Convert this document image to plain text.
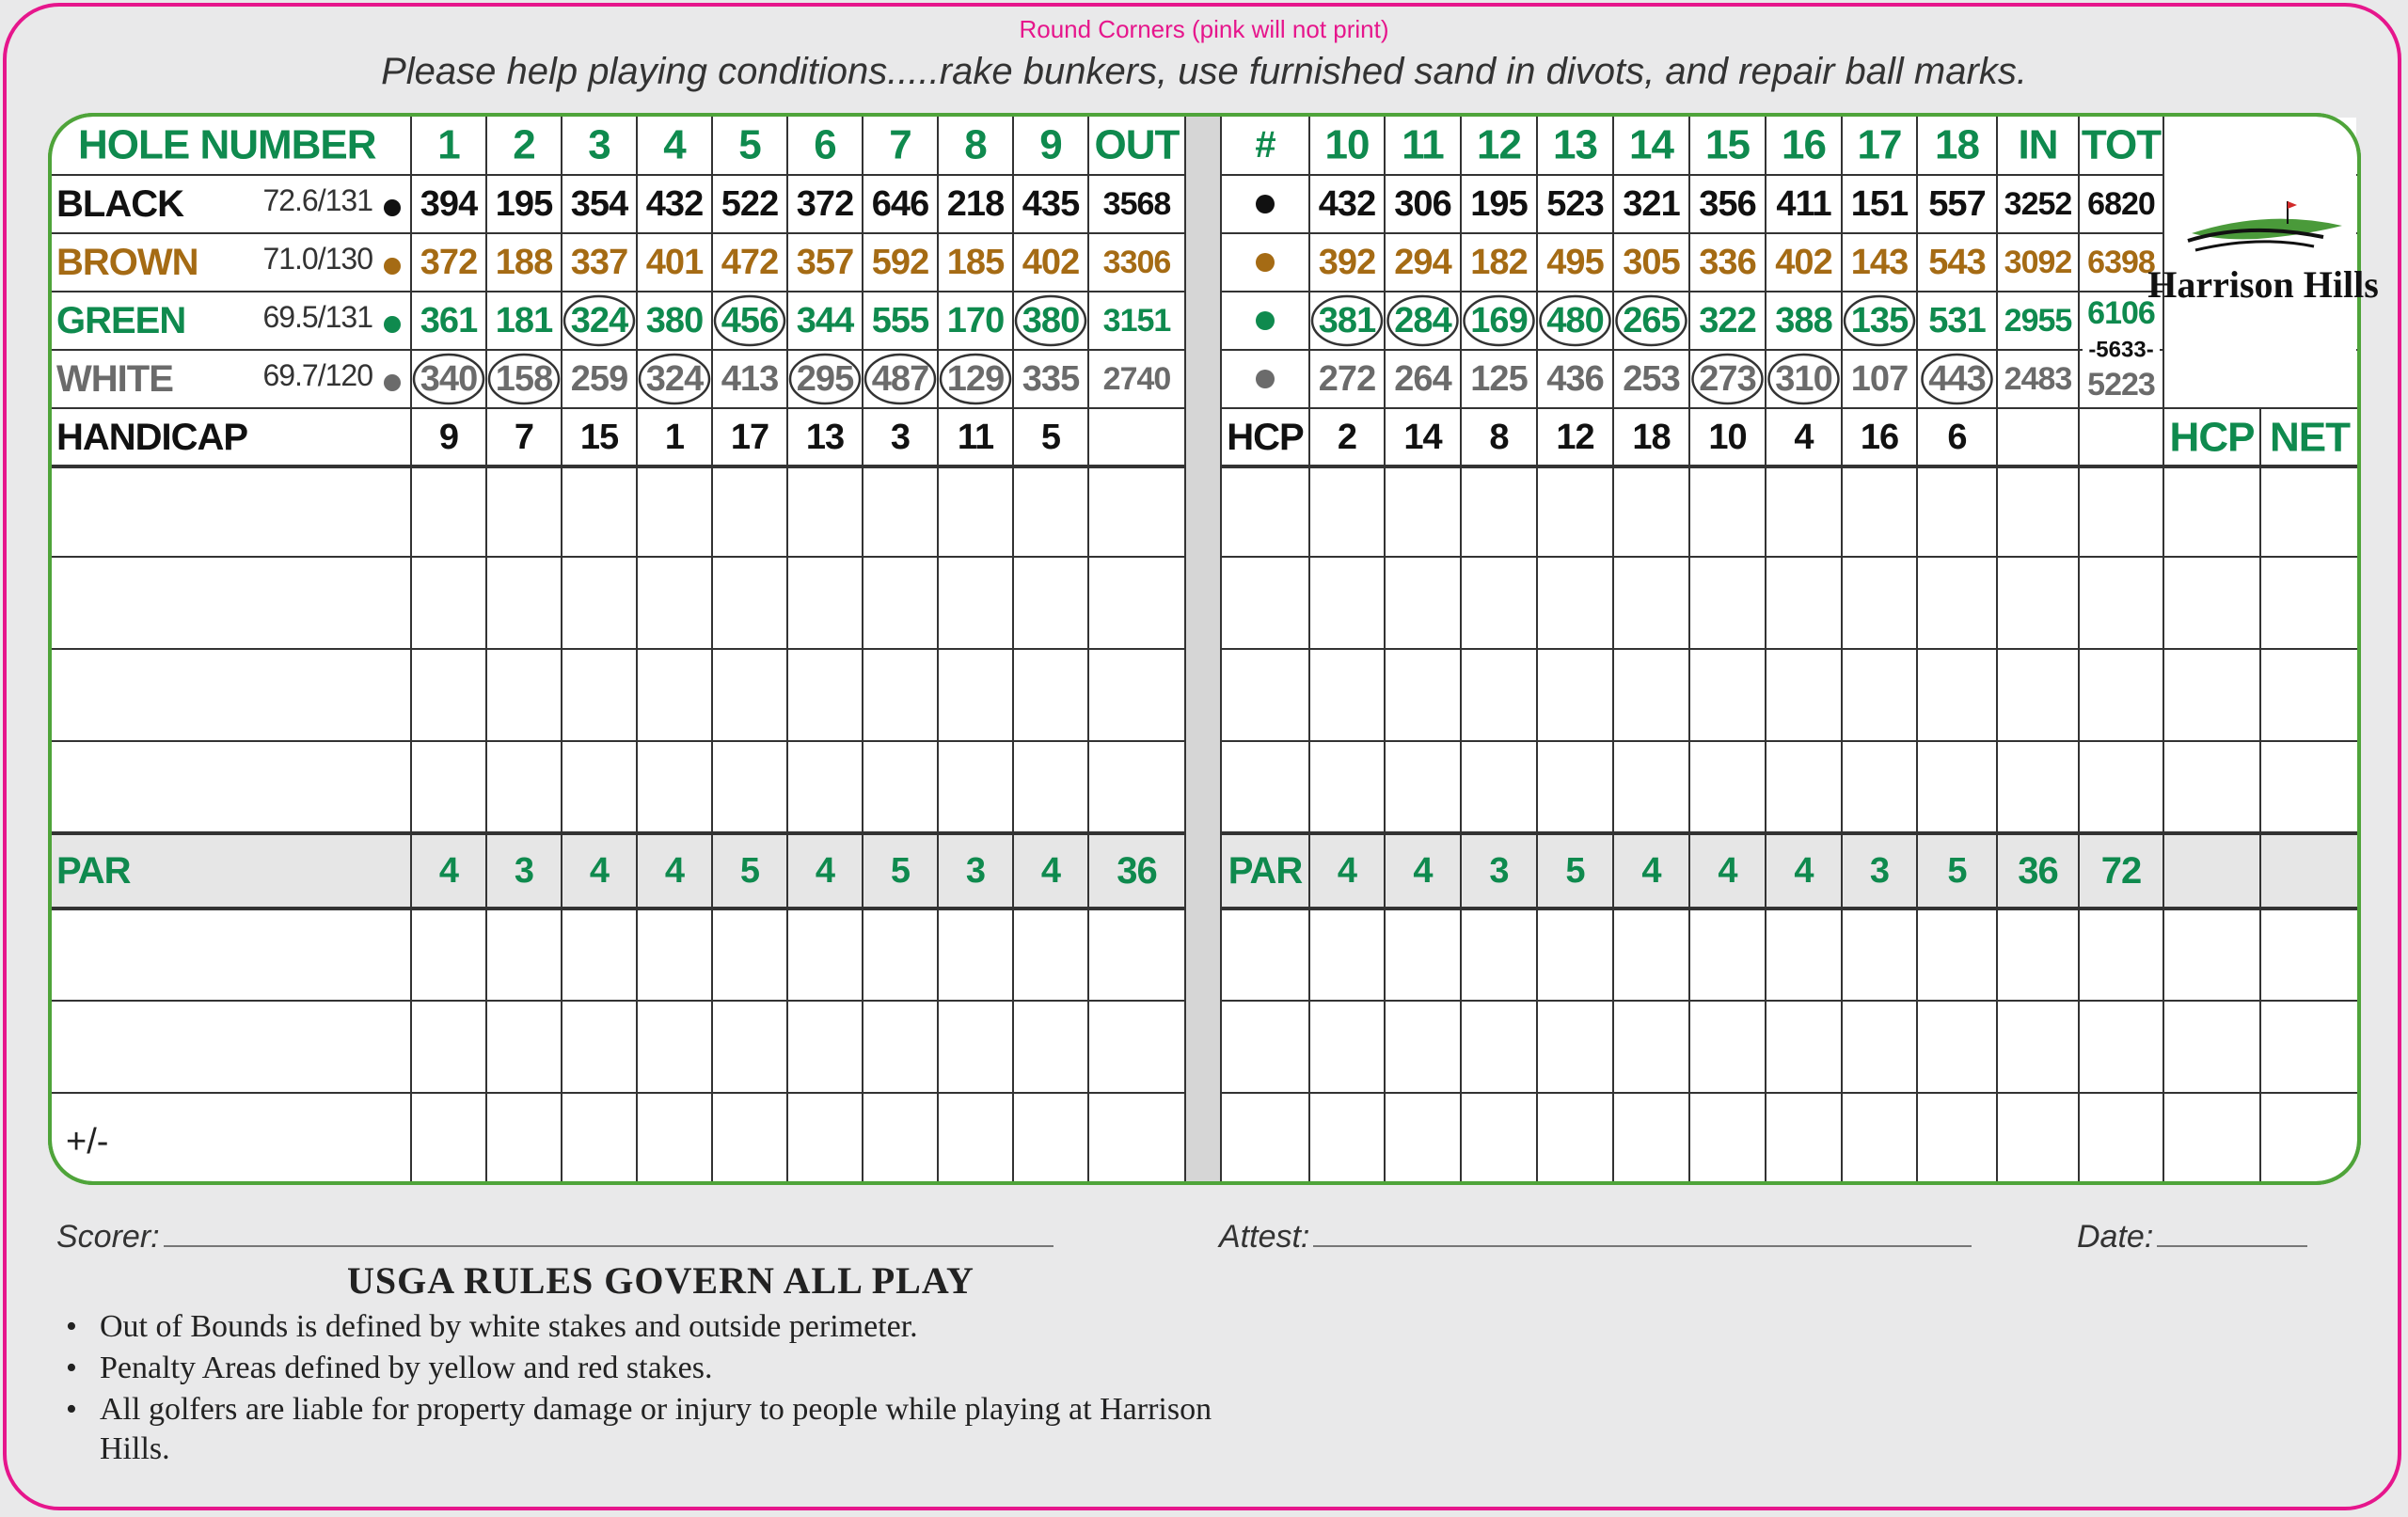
Round Corners (pink will not print)
Please help playing conditions.....rake bunkers, use furnished sand in divots, and repair ball marks.
HOLE NUMBER 1 2 3 4 5 6 7 8 9 OUT
BLACK	72.6/131 394 195 354 432 522 372 646 218 435 3568
BROWN 71.0/130 372 188 337 401 472 357 592 185 402 3306
GREEN	69.5/131 361 181 324 380 456 344 555 170 380 3151
WHITE	69.7/120 340 158 259 324 413 295 487 129 335 2740
HANDICAP	9 7 15 1 17 13 3 11 5
PAR	4 3 4 4 5 4 5 3 4 36
+/-
# 10 11 12 13 14 15 16 17 18 IN TOT
432 306 195 523 321 356 411 151 557 3252 6820
392 294 182 495 305 336 402 143 543 3092 6398
381 284 169 480 265 322 388 135 531 2955 6106
272 264 125 436 253 273 310 107 443 2483 5223
-5633-
HCP 2 14 8 12 18 10 4 16 6	HCP NET
PAR 4 4 3 5 4 4 4 3 5 36 72
Harrison Hills
Scorer:	Attest:	Date:
USGA RULES GOVERN ALL PLAY
• Out of Bounds is defined by white stakes and outside perimeter.
• Penalty Areas defined by yellow and red stakes.
• All golfers are liable for property damage or injury to people while playing at Harrison Hills.
